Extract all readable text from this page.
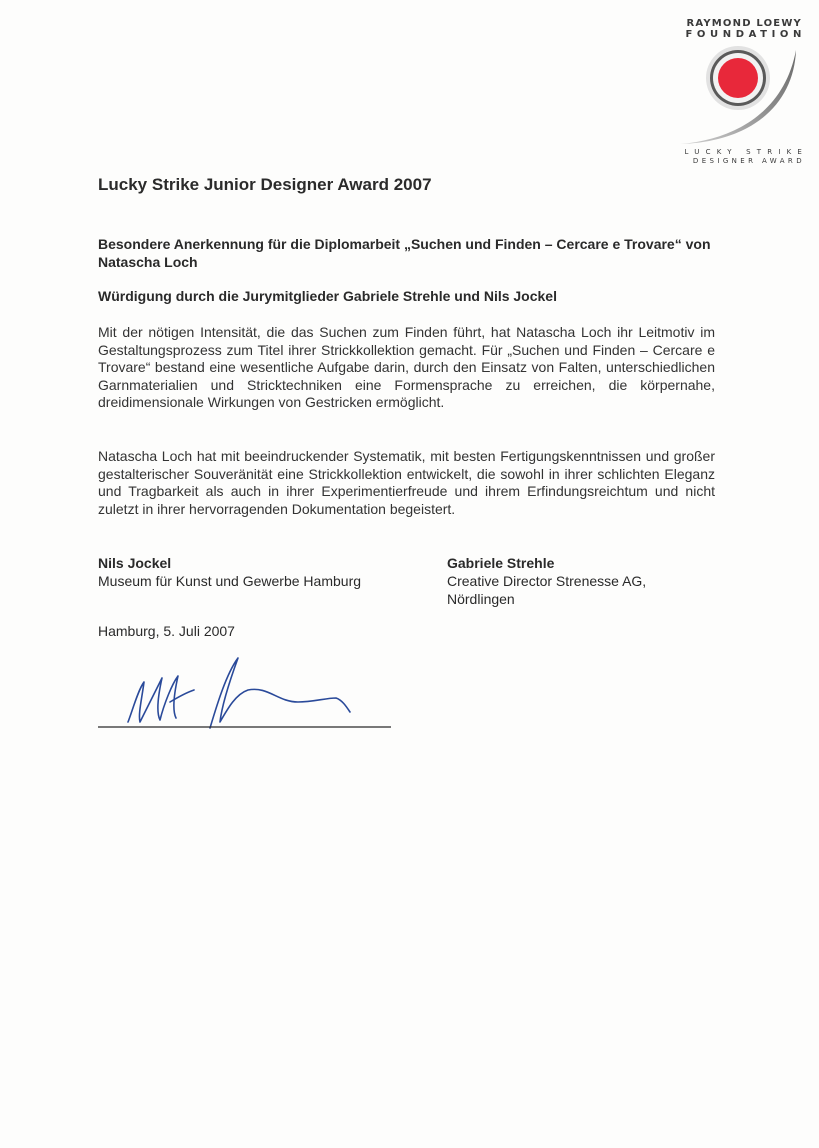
RAYMOND LOEWY
FOUNDATION
LUCKY STRIKE
DESIGNER AWARD
Lucky Strike Junior Designer Award 2007

Besondere Anerkennung für die Diplomarbeit „Suchen und Finden – Cercare e Trovare“ von Natascha Loch

Würdigung durch die Jurymitglieder Gabriele Strehle und Nils Jockel

Mit der nötigen Intensität, die das Suchen zum Finden führt, hat Natascha Loch ihr Leitmotiv im Gestaltungsprozess zum Titel ihrer Strickkollektion gemacht. Für „Suchen und Finden – Cercare e Trovare“ bestand eine wesentliche Aufgabe darin, durch den Einsatz von Falten, unterschiedlichen Garnmaterialien und Stricktechniken eine Formensprache zu erreichen, die körpernahe, dreidimensionale Wirkungen von Gestricken ermöglicht.

Natascha Loch hat mit beeindruckender Systematik, mit besten Fertigungskenntnissen und großer gestalterischer Souveränität eine Strickkollektion entwickelt, die sowohl in ihrer schlichten Eleganz und Tragbarkeit als auch in ihrer Experimentierfreude und ihrem Erfindungsreichtum und nicht zuletzt in ihrer hervorragenden Dokumentation begeistert.

Nils Jockel
Museum für Kunst und Gewerbe Hamburg
Gabriele Strehle
Creative Director Strenesse AG,
Nördlingen
Hamburg, 5. Juli 2007
